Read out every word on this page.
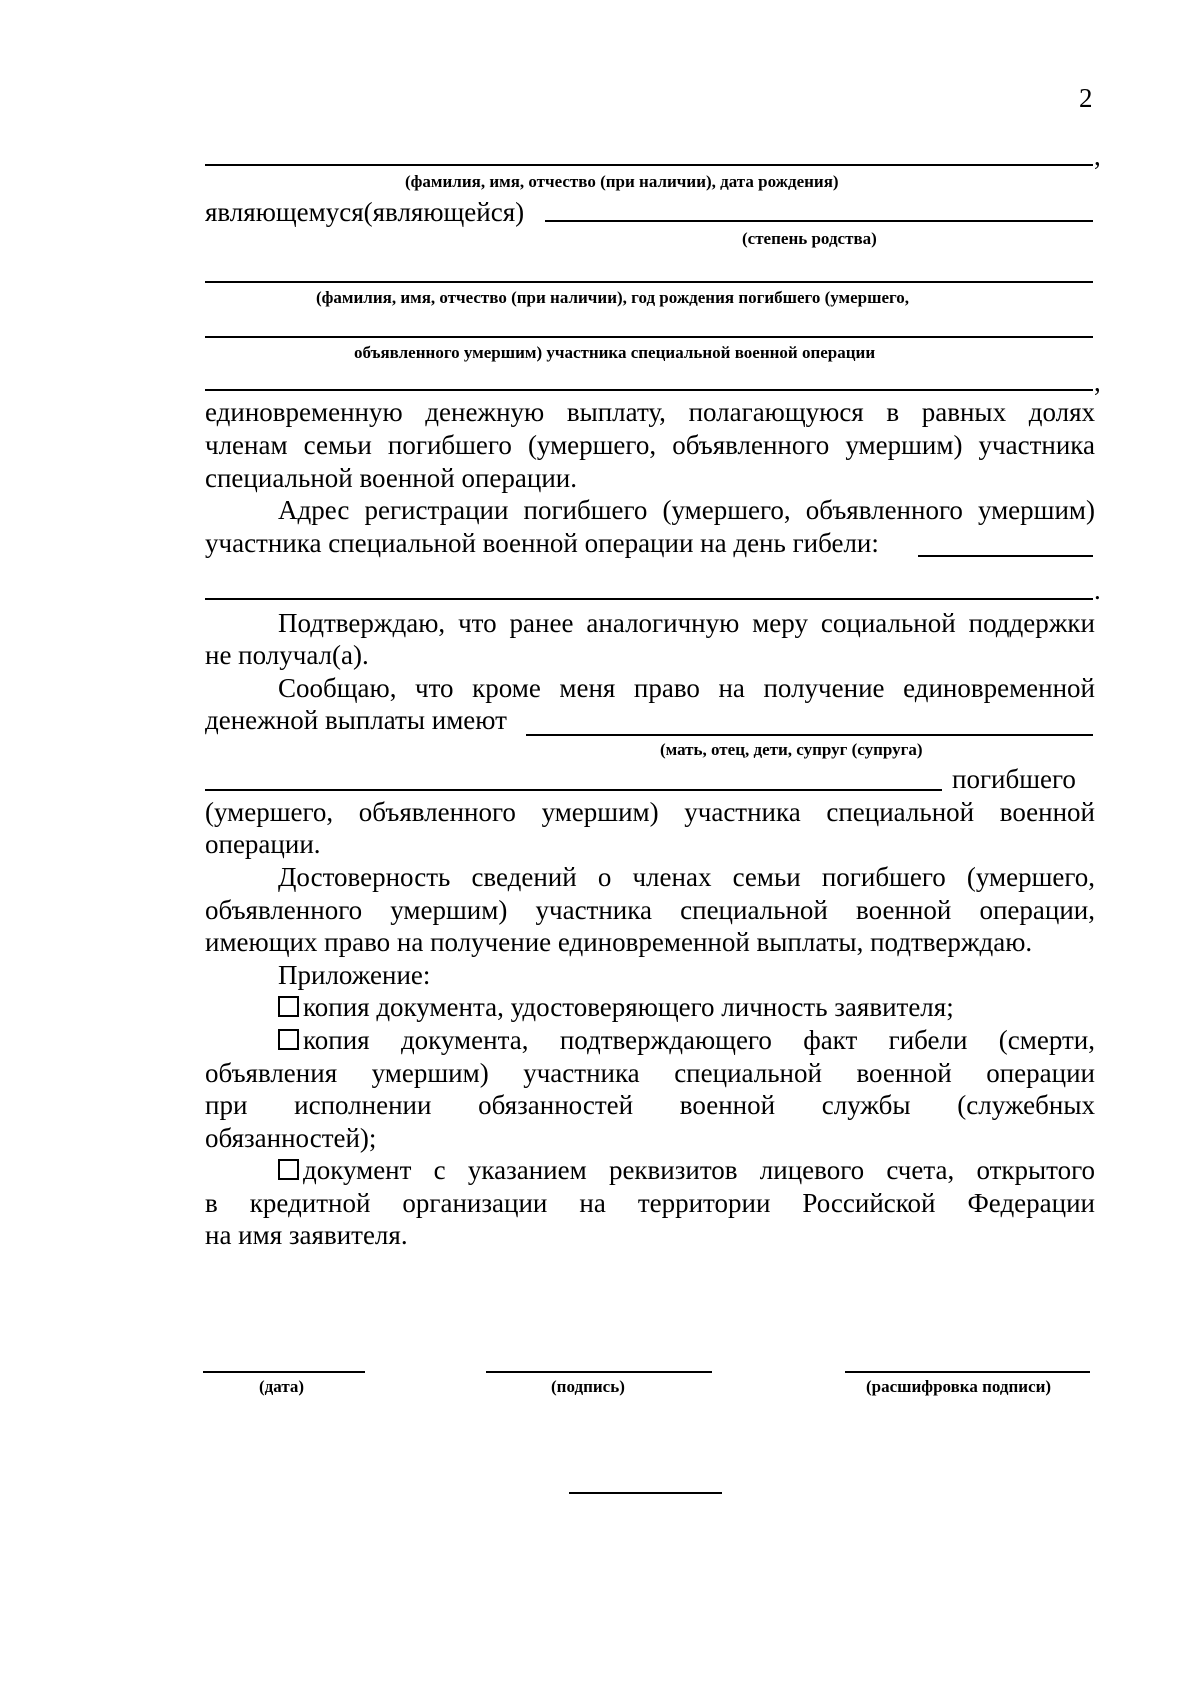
2
,
(фамилия, имя, отчество (при наличии), дата рождения)
являющемуся(являющейся)
(степень родства)
(фамилия, имя, отчество (при наличии), год рождения погибшего (умершего,
объявленного умершим) участника специальной военной операции
,
единовременную денежную выплату, полагающуюся в равных долях
членам семьи погибшего (умершего, объявленного умершим) участника
специальной военной операции.
Адрес регистрации погибшего (умершего, объявленного умершим)
участника специальной военной операции на день гибели:
.
Подтверждаю, что ранее аналогичную меру социальной поддержки
не получал(а).
Сообщаю, что кроме меня право на получение единовременной
денежной выплаты имеют
(мать, отец, дети, супруг (супруга)
погибшего
(умершего, объявленного умершим) участника специальной военной
операции.
Достоверность сведений о членах семьи погибшего (умершего,
объявленного умершим) участника специальной военной операции,
имеющих право на получение единовременной выплаты, подтверждаю.
Приложение:
копия документа, удостоверяющего личность заявителя;
копия документа, подтверждающего факт гибели (смерти,
объявления умершим) участника специальной военной операции
при исполнении обязанностей военной службы (служебных
обязанностей);
документ с указанием реквизитов лицевого счета, открытого
в кредитной организации на территории Российской Федерации
на имя заявителя.
(дата)	(подпись)	(расшифровка подписи)
